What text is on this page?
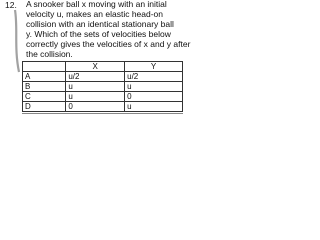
12. A snooker ball x moving with an initial
velocity u, makes an elastic head-on
collision with an identical stationary ball
y. Which of the sets of velocities below
correctly gives the velocities of x and y after
the collision.
	X	Y
A	u/2	u/2
B	u	u
C	u	0
D	0	u
